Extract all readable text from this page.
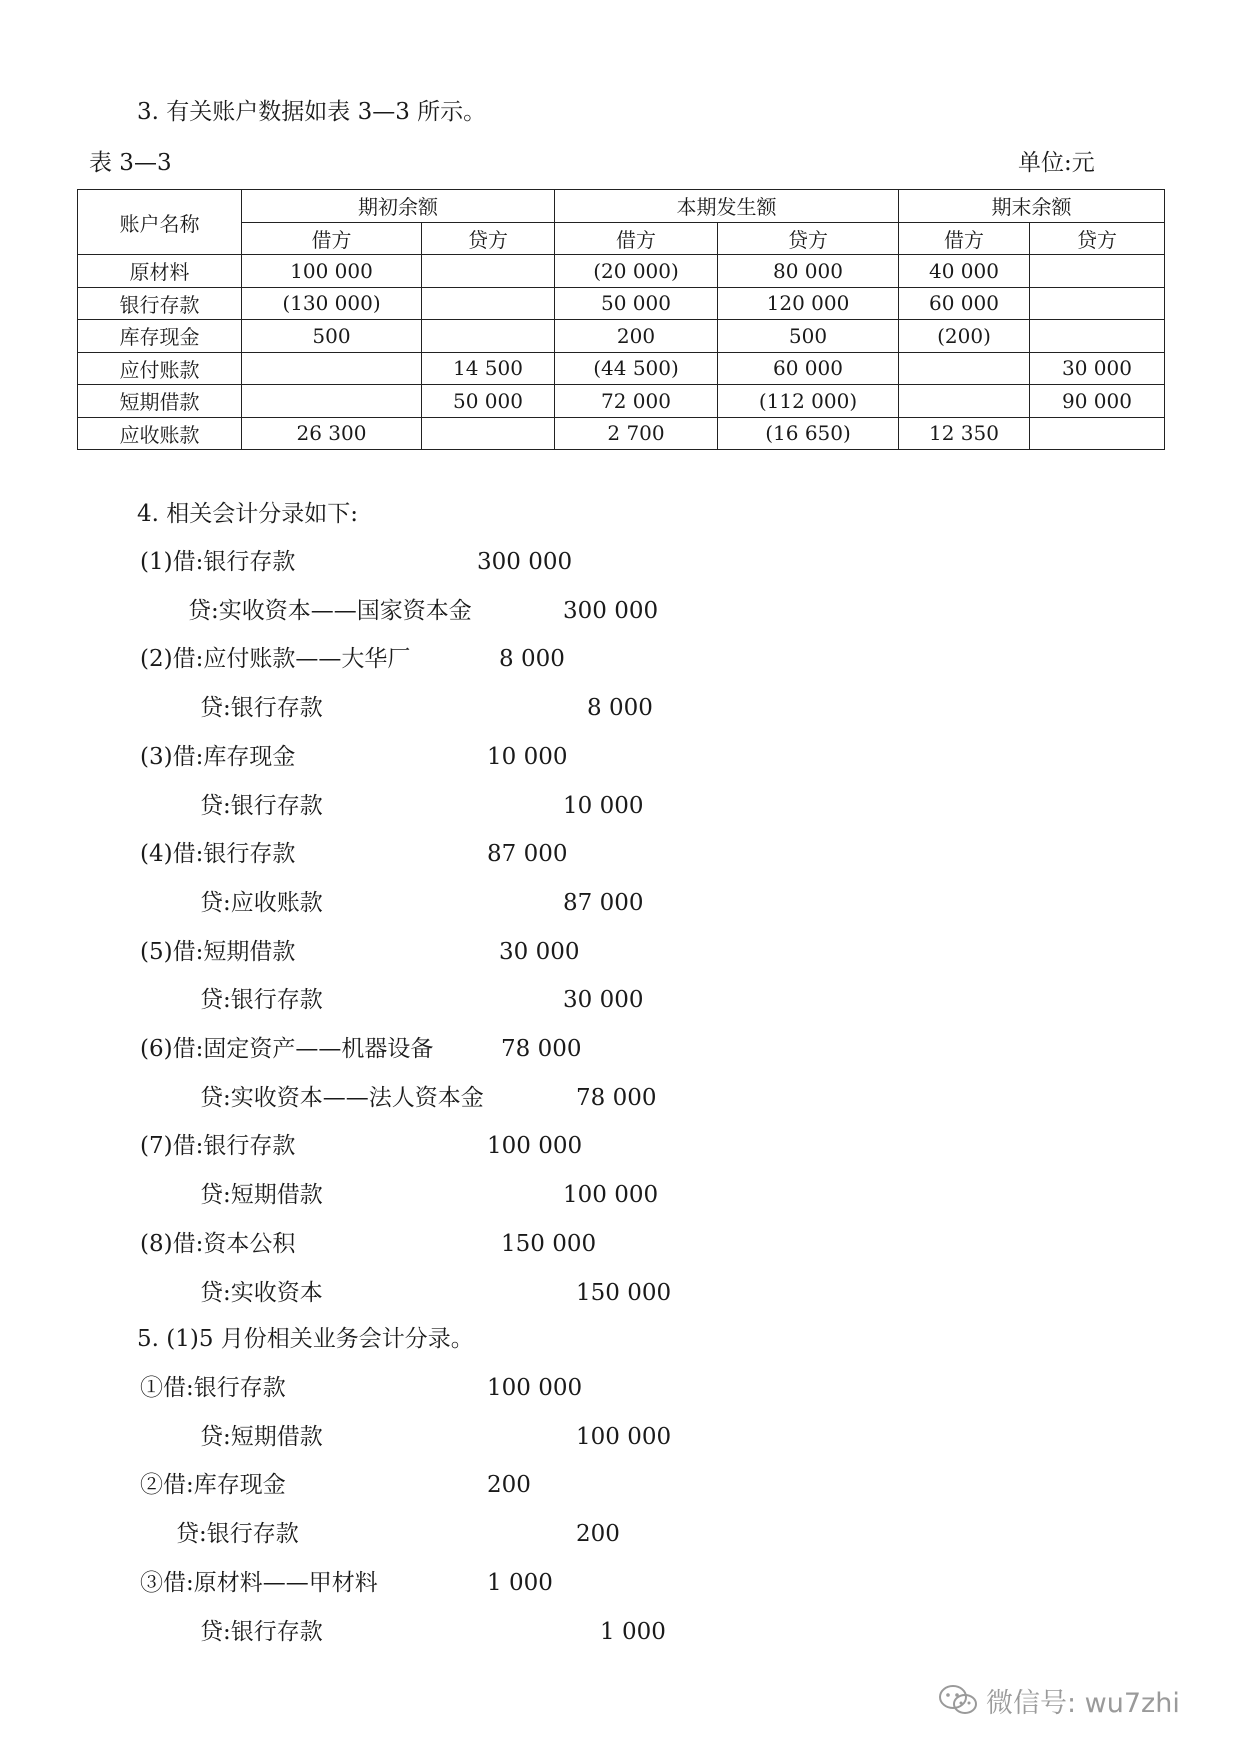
3. 有关账户数据如表 3—3 所示。
表 3—3	单位:元
账户名称	期初余额		本期发生额		期末余额	
	借方	贷方	借方	贷方	借方	贷方
原材料	100 000		(20 000)	80 000	40 000	
银行存款	(130 000)		50 000	120 000	60 000	
库存现金	500		200	500	(200)	
应付账款		14 500	(44 500)	60 000		30 000
短期借款		50 000	72 000	(112 000)		90 000
应收账款	26 300		2 700	(16 650)	12 350	
4. 相关会计分录如下:
(1)借:银行存款	300 000
贷:实收资本——国家资本金	300 000
(2)借:应付账款——大华厂	8 000
贷:银行存款	8 000
(3)借:库存现金	10 000
贷:银行存款	10 000
(4)借:银行存款	87 000
贷:应收账款	87 000
(5)借:短期借款	30 000
贷:银行存款	30 000
(6)借:固定资产——机器设备	78 000
贷:实收资本——法人资本金	78 000
(7)借:银行存款	100 000
贷:短期借款	100 000
(8)借:资本公积	150 000
贷:实收资本	150 000
5. (1)5 月份相关业务会计分录。
①借:银行存款	100 000
贷:短期借款	100 000
②借:库存现金	200
贷:银行存款	200
③借:原材料——甲材料	1 000
贷:银行存款	1 000
微信号: wu7zhi
